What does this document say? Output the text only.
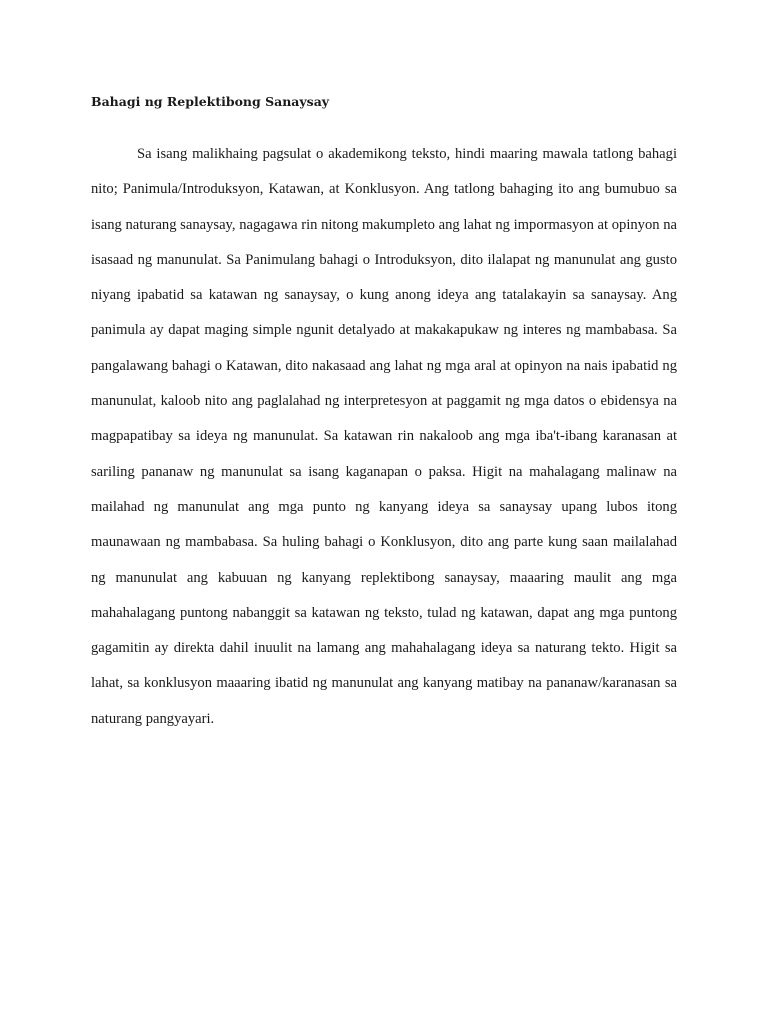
Bahagi ng Replektibong Sanaysay

Sa isang malikhaing pagsulat o akademikong teksto, hindi maaring mawala tatlong bahagi nito; Panimula/Introduksyon, Katawan, at Konklusyon. Ang tatlong bahaging ito ang bumubuo sa isang naturang sanaysay, nagagawa rin nitong makumpleto ang lahat ng impormasyon at opinyon na isasaad ng manunulat. Sa Panimulang bahagi o Introduksyon, dito ilalapat ng manunulat ang gusto niyang ipabatid sa katawan ng sanaysay, o kung anong ideya ang tatalakayin sa sanaysay. Ang panimula ay dapat maging simple ngunit detalyado at makakapukaw ng interes ng mambabasa. Sa pangalawang bahagi o Katawan, dito nakasaad ang lahat ng mga aral at opinyon na nais ipabatid ng manunulat, kaloob nito ang paglalahad ng interpretesyon at paggamit ng mga datos o ebidensya na magpapatibay sa ideya ng manunulat. Sa katawan rin nakaloob ang mga iba't-ibang karanasan at sariling pananaw ng manunulat sa isang kaganapan o paksa. Higit na mahalagang malinaw na mailahad ng manunulat ang mga punto ng kanyang ideya sa sanaysay upang lubos itong maunawaan ng mambabasa. Sa huling bahagi o Konklusyon, dito ang parte kung saan mailalahad ng manunulat ang kabuuan ng kanyang replektibong sanaysay, maaaring maulit ang mga mahahalagang puntong nabanggit sa katawan ng teksto, tulad ng katawan, dapat ang mga puntong gagamitin ay direkta dahil inuulit na lamang ang mahahalagang ideya sa naturang tekto. Higit sa lahat, sa konklusyon maaaring ibatid ng manunulat ang kanyang matibay na pananaw/karanasan sa naturang pangyayari.
